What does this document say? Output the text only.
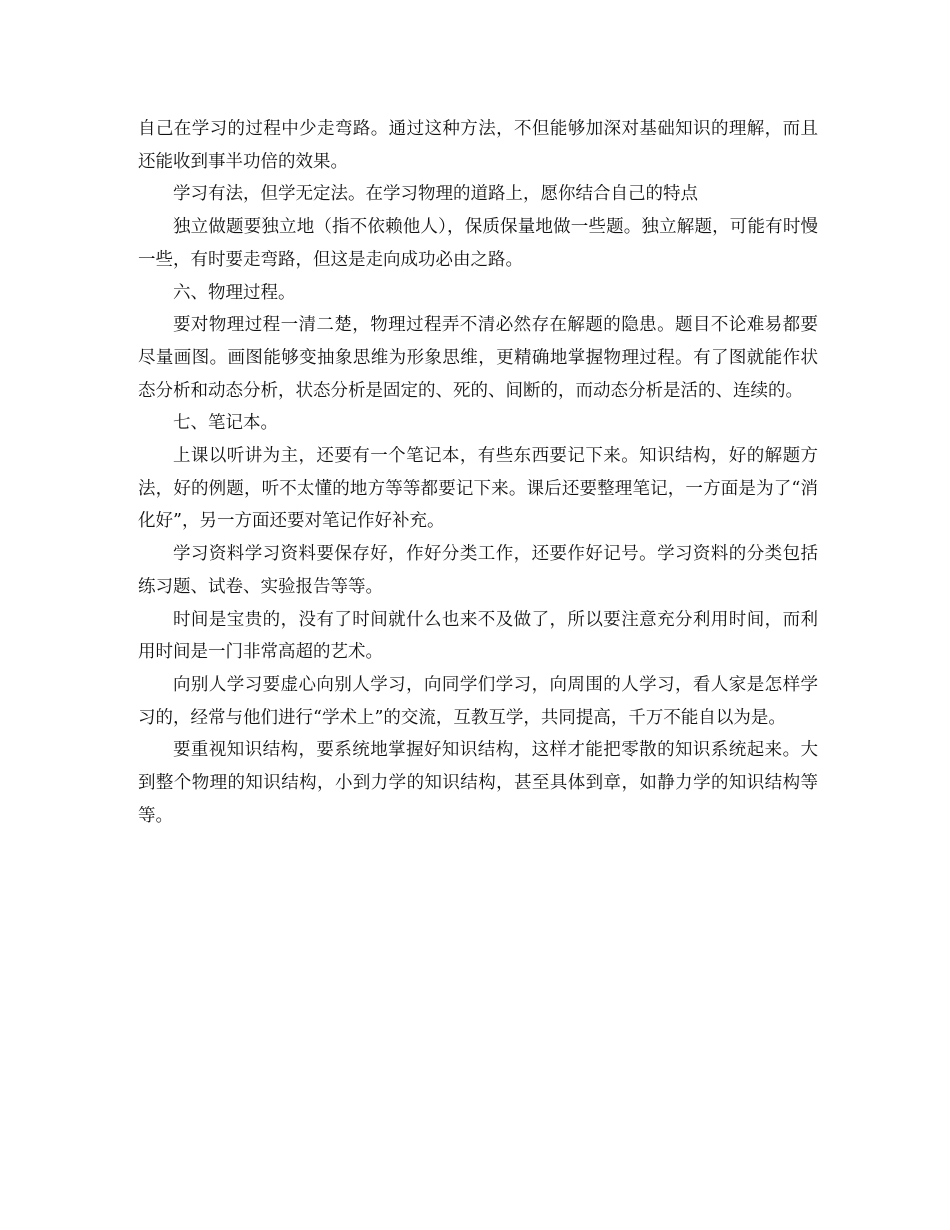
自己在学习的过程中少走弯路。通过这种方法，不但能够加深对基础知识的理解，而且还能收到事半功倍的效果。

学习有法，但学无定法。在学习物理的道路上，愿你结合自己的特点

独立做题要独立地（指不依赖他人），保质保量地做一些题。独立解题，可能有时慢一些，有时要走弯路，但这是走向成功必由之路。

六、物理过程。

要对物理过程一清二楚，物理过程弄不清必然存在解题的隐患。题目不论难易都要尽量画图。画图能够变抽象思维为形象思维，更精确地掌握物理过程。有了图就能作状态分析和动态分析，状态分析是固定的、死的、间断的，而动态分析是活的、连续的。

七、笔记本。

上课以听讲为主，还要有一个笔记本，有些东西要记下来。知识结构，好的解题方法，好的例题，听不太懂的地方等等都要记下来。课后还要整理笔记，一方面是为了“消化好”，另一方面还要对笔记作好补充。

学习资料学习资料要保存好，作好分类工作，还要作好记号。学习资料的分类包括练习题、试卷、实验报告等等。

时间是宝贵的，没有了时间就什么也来不及做了，所以要注意充分利用时间，而利用时间是一门非常高超的艺术。

向别人学习要虚心向别人学习，向同学们学习，向周围的人学习，看人家是怎样学习的，经常与他们进行“学术上”的交流，互教互学，共同提高，千万不能自以为是。

要重视知识结构，要系统地掌握好知识结构，这样才能把零散的知识系统起来。大到整个物理的知识结构，小到力学的知识结构，甚至具体到章，如静力学的知识结构等等。
